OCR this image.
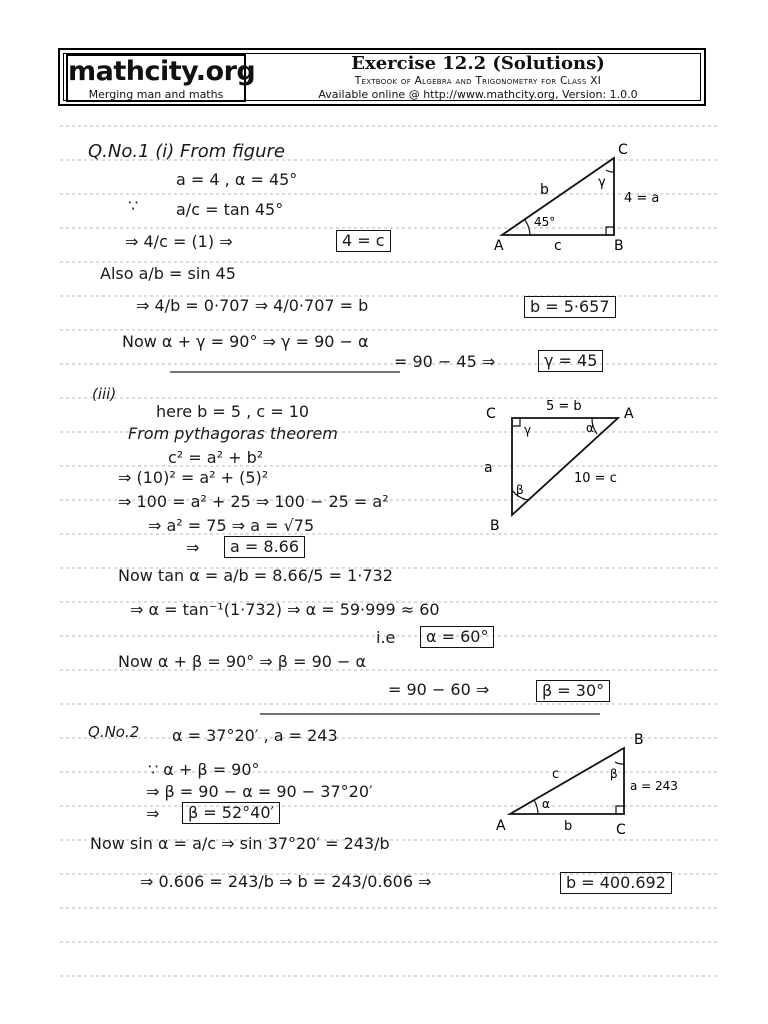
mathcity.org
Merging man and maths
Exercise 12.2 (Solutions)
Textbook of Algebra and Trigonometry for Class XI
Available online @ http://www.mathcity.org, Version: 1.0.0
Q.No.1 (i) From figure
a = 4 , α = 45°
∵ a/c = tan 45°
⇒ 4/c = (1) ⇒	4 = c
Also a/b = sin 45
⇒ 4/b = 0·707 ⇒ 4/0·707 = b	b = 5·657
Now α + γ = 90° ⇒ γ = 90 − α
= 90 − 45 ⇒	γ = 45
A	B
C
b
c
4 = a
45°
γ
(iii)
here b = 5 , c = 10
From pythagoras theorem
c² = a² + b²
⇒ (10)² = a² + (5)²
⇒ 100 = a² + 25 ⇒ 100 − 25 = a²
⇒ a² = 75 ⇒ a = √75
⇒	a = 8.66
Now tan α = a/b = 8.66/5 = 1·732
⇒ α = tan⁻¹(1·732) ⇒ α = 59·999 ≈ 60
i.e	α = 60°
Now α + β = 90° ⇒ β = 90 − α
= 90 − 60 ⇒	β = 30°
C	A
B
5 = b
10 = c
a
α
β
γ
Q.No.2 α = 37°20′ , a = 243
∵ α + β = 90°
⇒ β = 90 − α = 90 − 37°20′
⇒	β = 52°40′
Now sin α = a/c ⇒ sin 37°20′ = 243/b
⇒ 0.606 = 243/b ⇒ b = 243/0.606 ⇒	b = 400.692
A
B
C
c
b
a = 243
α
β
